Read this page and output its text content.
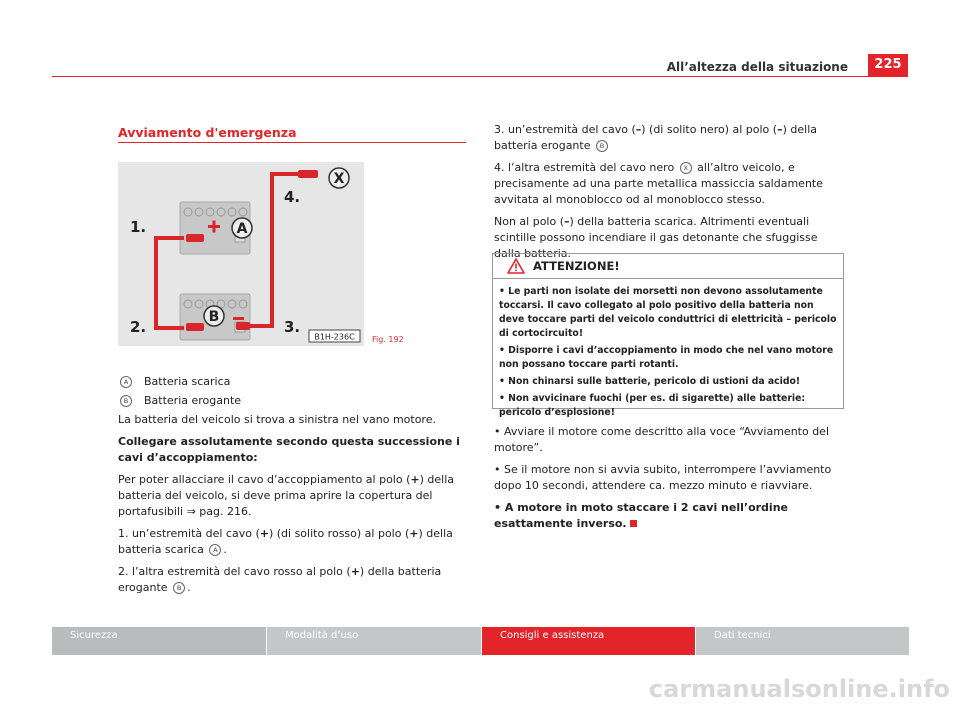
All’altezza della situazione	225
Avviamento d'emergenza
1.
2.	3.
4.
A
B
X
B1H-236C Fig. 192
A	Batteria scarica
B	Batteria erogante

La batteria del veicolo si trova a sinistra nel vano motore.

Collegare assolutamente secondo questa successione i cavi d’accoppiamento:

Per poter allacciare il cavo d’accoppiamento al polo (+) della batteria del veicolo, si deve prima aprire la copertura del portafusibili ⇒ pag. 216.

1. un’estremità del cavo (+) (di solito rosso) al polo (+) della batteria scarica A .

2. l’altra estremità del cavo rosso al polo (+) della batteria erogante B .

3. un’estremità del cavo (–) (di solito nero) al polo (–) della batteria erogante B

4. l’altra estremità del cavo nero X all’altro veicolo, e precisamente ad una parte metallica massiccia saldamente avvitata al monoblocco od al monoblocco stesso.

Non al polo (–) della batteria scarica. Altrimenti eventuali scintille possono incendiare il gas detonante che sfuggisse dalla batteria.

ATTENZIONE!

• Le parti non isolate dei morsetti non devono assolutamente toccarsi. Il cavo collegato al polo positivo della batteria non deve toccare parti del veicolo conduttrici di elettricità – pericolo di cortocircuito!

• Disporre i cavi d’accoppiamento in modo che nel vano motore non possano toccare parti rotanti.

• Non chinarsi sulle batterie, pericolo di ustioni da acido!

• Non avvicinare fuochi (per es. di sigarette) alle batterie: pericolo d’esplosione!

• Avviare il motore come descritto alla voce “Avviamento del motore”.

• Se il motore non si avvia subito, interrompere l’avviamento dopo 10 secondi, attendere ca. mezzo minuto e riavviare.

• A motore in moto staccare i 2 cavi nell’ordine esattamente inverso.

Sicurezza	Modalità d’uso	Consigli e assistenza	Dati tecnici
carmanualsonline.info
